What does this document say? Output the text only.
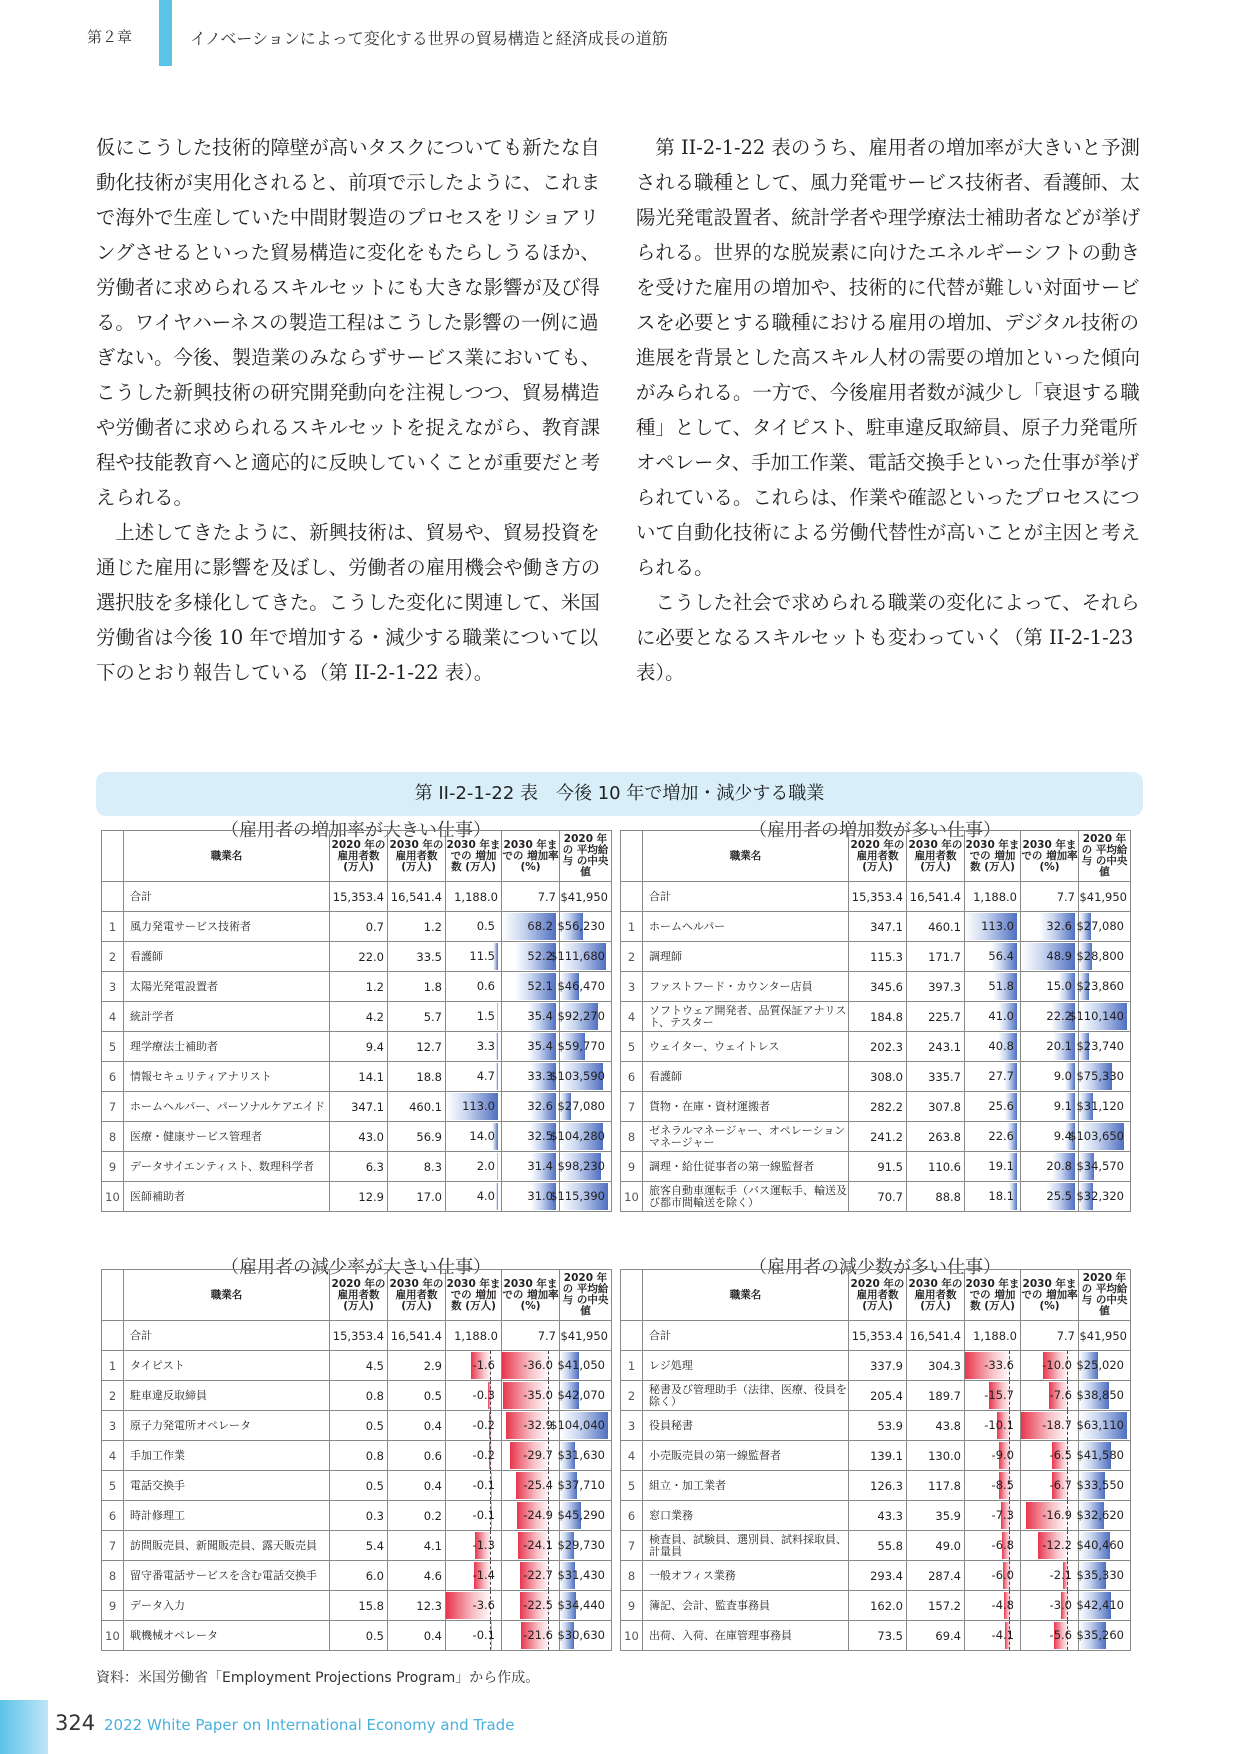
第２章	イノベーションによって変化する世界の貿易構造と経済成長の道筋

仮にこうした技術的障壁が高いタスクについても新たな自動化技術が実用化されると、前項で示したように、これまで海外で生産していた中間財製造のプロセスをリショアリングさせるといった貿易構造に変化をもたらしうるほか、労働者に求められるスキルセットにも大きな影響が及び得る。ワイヤハーネスの製造工程はこうした影響の一例に過ぎない。今後、製造業のみならずサービス業においても、こうした新興技術の研究開発動向を注視しつつ、貿易構造や労働者に求められるスキルセットを捉えながら、教育課程や技能教育へと適応的に反映していくことが重要だと考えられる。

上述してきたように、新興技術は、貿易や、貿易投資を通じた雇用に影響を及ぼし、労働者の雇用機会や働き方の選択肢を多様化してきた。こうした変化に関連して、米国労働省は今後 10 年で増加する・減少する職業について以下のとおり報告している（第 II-2-1-22 表）。

第 II-2-1-22 表のうち、雇用者の増加率が大きいと予測される職種として、風力発電サービス技術者、看護師、太陽光発電設置者、統計学者や理学療法士補助者などが挙げられる。世界的な脱炭素に向けたエネルギーシフトの動きを受けた雇用の増加や、技術的に代替が難しい対面サービスを必要とする職種における雇用の増加、デジタル技術の進展を背景とした高スキル人材の需要の増加といった傾向がみられる。一方で、今後雇用者数が減少し「衰退する職種」として、タイピスト、駐車違反取締員、原子力発電所オペレータ、手加工作業、電話交換手といった仕事が挙げられている。これらは、作業や確認といったプロセスについて自動化技術による労働代替性が高いことが主因と考えられる。

こうした社会で求められる職業の変化によって、それらに必要となるスキルセットも変わっていく（第 II-2-1-23 表）。

第 II-2-1-22 表　今後 10 年で増加・減少する職業
（雇用者の増加率が大きい仕事）
	職業名	2020 年の 雇用者数 (万人)	2030 年の 雇用者数 (万人)	2030 年までの 増加数 (万人)	2030 年までの 増加率 (%)	2020 年の 平均給与 の中央値
	合計	15,353.4	16,541.4	1,188.0	7.7	$41,950
1	風力発電サービス技術者	0.7	1.2	0.5	68.2	$56,230

2	看護師	22.0	33.5	11.5	52.2	$111,680

3	太陽光発電設置者	1.2	1.8	0.6	52.1	$46,470

4	統計学者	4.2	5.7	1.5	35.4	$92,270

5	理学療法士補助者	9.4	12.7	3.3	35.4	$59,770

6	情報セキュリティアナリスト	14.1	18.8	4.7	33.3	$103,590

7	ホームヘルパー、パーソナルケアエイド	347.1	460.1	113.0	32.6	$27,080

8	医療・健康サービス管理者	43.0	56.9	14.0	32.5	$104,280

9	データサイエンティスト、数理科学者	6.3	8.3	2.0	31.4	$98,230

10	医師補助者	12.9	17.0	4.0	31.0	$115,390
（雇用者の増加数が多い仕事）
	職業名	2020 年の 雇用者数 (万人)	2030 年の 雇用者数 (万人)	2030 年までの 増加数 (万人)	2030 年までの 増加率 (%)	2020 年の 平均給与 の中央値
	合計	15,353.4	16,541.4	1,188.0	7.7	$41,950
1	ホームヘルパー	347.1	460.1	113.0	32.6	$27,080

2	調理師	115.3	171.7	56.4	48.9	$28,800

3	ファストフード・カウンター店員	345.6	397.3	51.8	15.0	$23,860

4	ソフトウェア開発者、品質保証アナリスト、テスター	184.8	225.7	41.0	22.2	$110,140

5	ウェイター、ウェイトレス	202.3	243.1	40.8	20.1	$23,740

6	看護師	308.0	335.7	27.7	9.0	$75,330

7	貨物・在庫・資材運搬者	282.2	307.8	25.6	9.1	$31,120

8	ゼネラルマネージャー、オペレーションマネージャー	241.2	263.8	22.6	9.4	$103,650

9	調理・給仕従事者の第一線監督者	91.5	110.6	19.1	20.8	$34,570

10	旅客自動車運転手（バス運転手、輸送及び都市間輸送を除く）	70.7	88.8	18.1	25.5	$32,320
（雇用者の減少率が大きい仕事）
	職業名	2020 年の 雇用者数 (万人)	2030 年の 雇用者数 (万人)	2030 年までの 増加数 (万人)	2030 年までの 増加率 (%)	2020 年の 平均給与 の中央値
	合計	15,353.4	16,541.4	1,188.0	7.7	$41,950
1	タイピスト	4.5	2.9	-1.6	-36.0	$41,050

2	駐車違反取締員	0.8	0.5	-0.3	-35.0	$42,070

3	原子力発電所オペレータ	0.5	0.4	-0.2	-32.9	$104,040

4	手加工作業	0.8	0.6	-0.2	-29.7	$31,630

5	電話交換手	0.5	0.4	-0.1	-25.4	$37,710

6	時計修理工	0.3	0.2	-0.1	-24.9	$45,290

7	訪問販売員、新聞販売員、露天販売員	5.4	4.1	-1.3	-24.1	$29,730

8	留守番電話サービスを含む電話交換手	6.0	4.6	-1.4	-22.7	$31,430

9	データ入力	15.8	12.3	-3.6	-22.5	$34,440

10	戦機械オペレータ	0.5	0.4	-0.1	-21.6	$30,630
（雇用者の減少数が多い仕事）
	職業名	2020 年の 雇用者数 (万人)	2030 年の 雇用者数 (万人)	2030 年までの 増加数 (万人)	2030 年までの 増加率 (%)	2020 年の 平均給与 の中央値
	合計	15,353.4	16,541.4	1,188.0	7.7	$41,950
1	レジ処理	337.9	304.3	-33.6	-10.0	$25,020

2	秘書及び管理助手（法律、医療、役員を除く）	205.4	189.7	-15.7	-7.6	$38,850

3	役員秘書	53.9	43.8	-10.1	-18.7	$63,110

4	小売販売員の第一線監督者	139.1	130.0	-9.0	-6.5	$41,580

5	組立・加工業者	126.3	117.8	-8.5	-6.7	$33,550

6	窓口業務	43.3	35.9	-7.3	-16.9	$32,620

7	検査員、試験員、選別員、試料採取員、計量員	55.8	49.0	-6.8	-12.2	$40,460

8	一般オフィス業務	293.4	287.4	-6.0	-2.1	$35,330

9	簿記、会計、監査事務員	162.0	157.2	-4.8	-3.0	$42,410

10	出荷、入荷、在庫管理事務員	73.5	69.4	-4.1	-5.6	$35,260
資料：米国労働省「Employment Projections Program」から作成。
324 2022 White Paper on International Economy and Trade
